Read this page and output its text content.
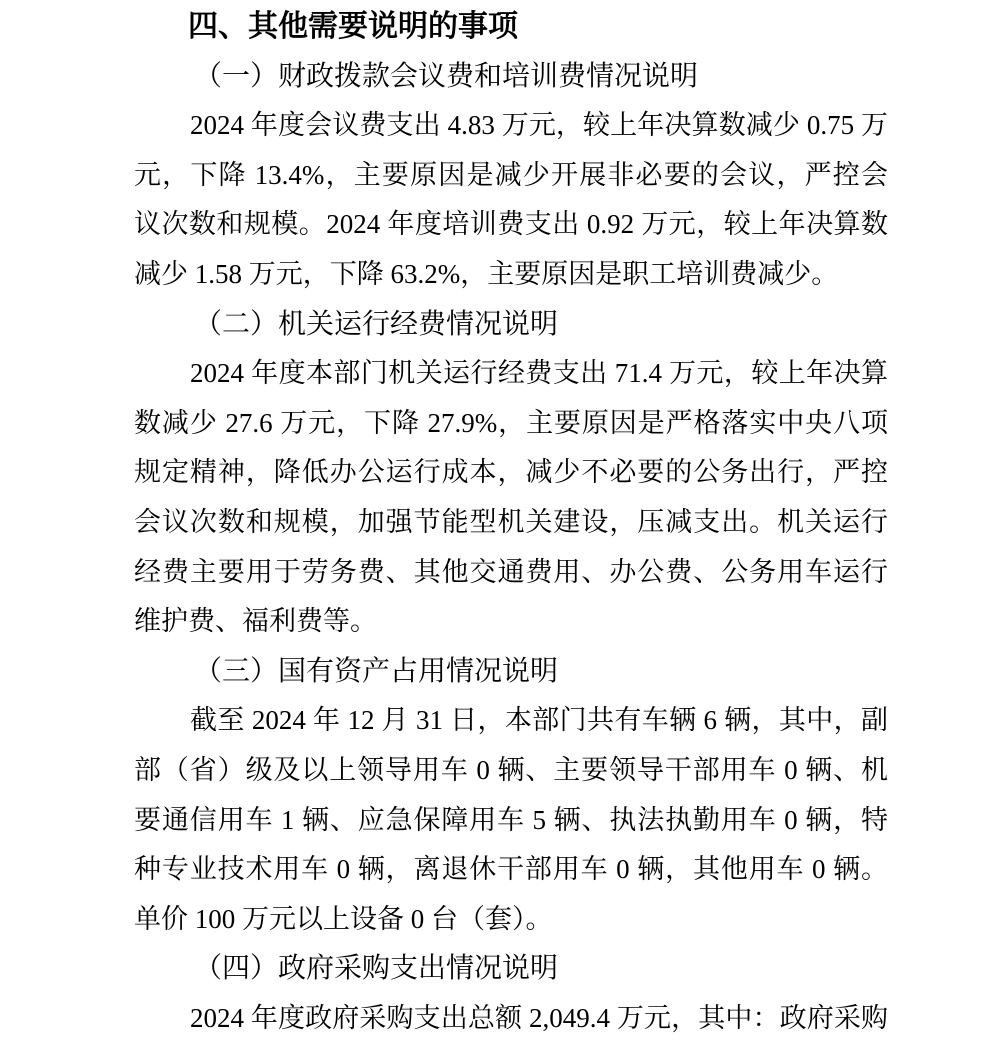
四、其他需要说明的事项
（一）财政拨款会议费和培训费情况说明
2024 年度会议费支出 4.83 万元，较上年决算数减少 0.75 万
元，下降 13.4%，主要原因是减少开展非必要的会议，严控会
议次数和规模。2024 年度培训费支出 0.92 万元，较上年决算数
减少 1.58 万元，下降 63.2%，主要原因是职工培训费减少。
（二）机关运行经费情况说明
2024 年度本部门机关运行经费支出 71.4 万元，较上年决算
数减少 27.6 万元，下降 27.9%，主要原因是严格落实中央八项
规定精神，降低办公运行成本，减少不必要的公务出行，严控
会议次数和规模，加强节能型机关建设，压减支出。机关运行
经费主要用于劳务费、其他交通费用、办公费、公务用车运行
维护费、福利费等。
（三）国有资产占用情况说明
截至 2024 年 12 月 31 日，本部门共有车辆 6 辆，其中，副
部（省）级及以上领导用车 0 辆、主要领导干部用车 0 辆、机
要通信用车 1 辆、应急保障用车 5 辆、执法执勤用车 0 辆，特
种专业技术用车 0 辆，离退休干部用车 0 辆，其他用车 0 辆。
单价 100 万元以上设备 0 台（套）。
（四）政府采购支出情况说明
2024 年度政府采购支出总额 2,049.4 万元，其中：政府采购
